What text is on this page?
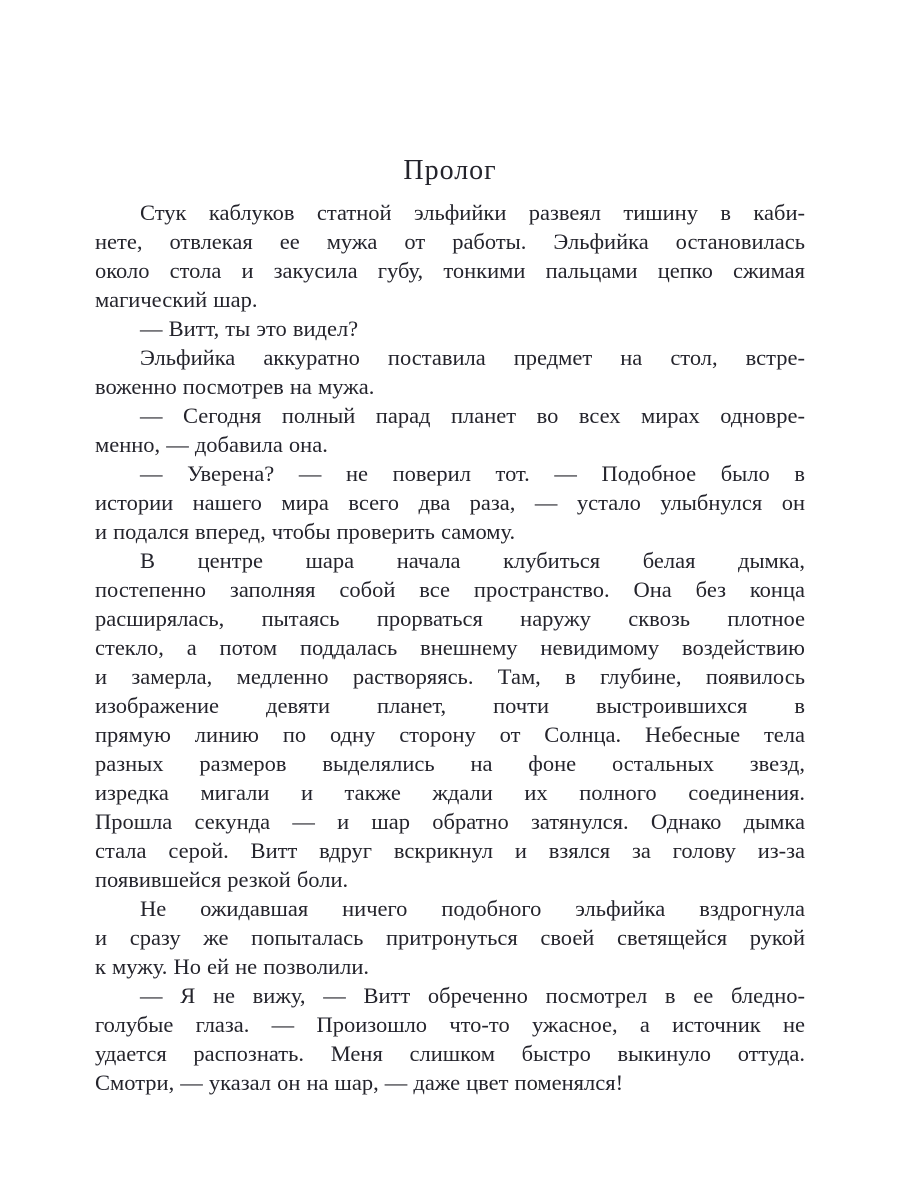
Пролог
Стук каблуков статной эльфийки развеял тишину в каби-
нете, отвлекая ее мужа от работы. Эльфийка остановилась
около стола и закусила губу, тонкими пальцами цепко сжимая
магический шар.
— Витт, ты это видел?
Эльфийка аккуратно поставила предмет на стол, встре-
воженно посмотрев на мужа.
— Сегодня полный парад планет во всех мирах одновре-
менно, — добавила она.
— Уверена? — не поверил тот. — Подобное было в
истории нашего мира всего два раза, — устало улыбнулся он
и подался вперед, чтобы проверить самому.
В центре шара начала клубиться белая дымка,
постепенно заполняя собой все пространство. Она без конца
расширялась, пытаясь прорваться наружу сквозь плотное
стекло, а потом поддалась внешнему невидимому воздействию
и замерла, медленно растворяясь. Там, в глубине, появилось
изображение девяти планет, почти выстроившихся в
прямую линию по одну сторону от Солнца. Небесные тела
разных размеров выделялись на фоне остальных звезд,
изредка мигали и также ждали их полного соединения.
Прошла секунда — и шар обратно затянулся. Однако дымка
стала серой. Витт вдруг вскрикнул и взялся за голову из-за
появившейся резкой боли.
Не ожидавшая ничего подобного эльфийка вздрогнула
и сразу же попыталась притронуться своей светящейся рукой
к мужу. Но ей не позволили.
— Я не вижу, — Витт обреченно посмотрел в ее бледно-
голубые глаза. — Произошло что-то ужасное, а источник не
удается распознать. Меня слишком быстро выкинуло оттуда.
Смотри, — указал он на шар, — даже цвет поменялся!
